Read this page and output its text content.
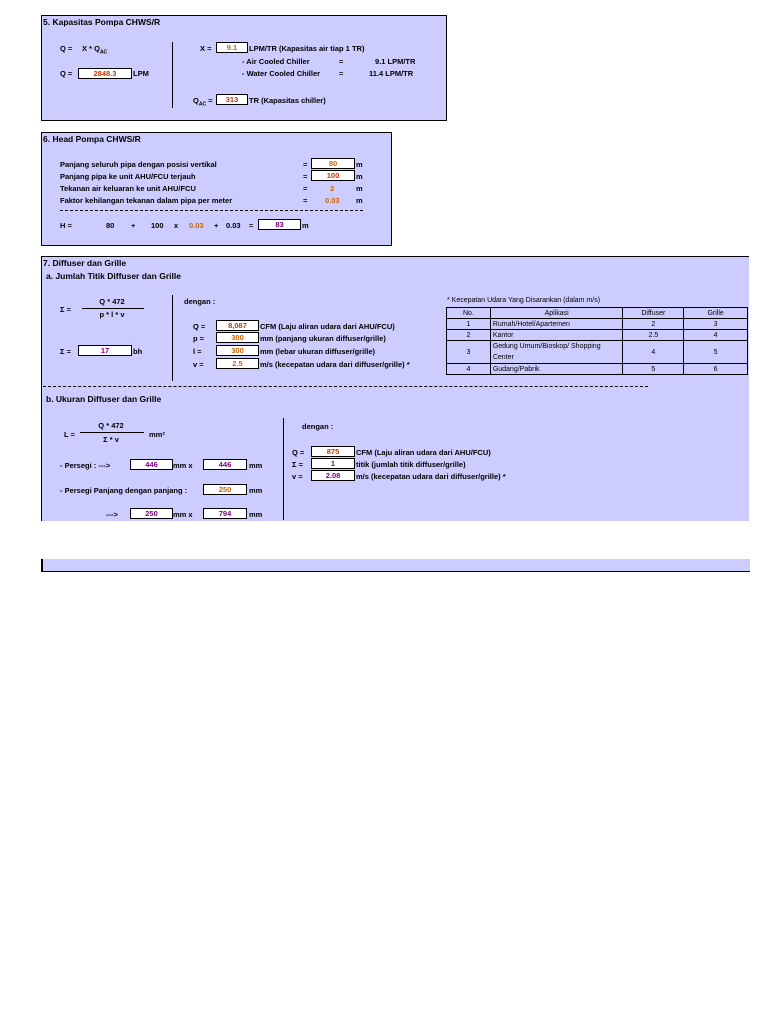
5. Kapasitas Pompa CHWS/R
$Q = X * Q_{AC}$
Q =	2848.3	LPM
X =	9.1	LPM/TR (Kapasitas air tiap 1 TR)
- Air Cooled Chiller	=	9.1 LPM/TR
- Water Cooled Chiller	=	11.4 LPM/TR
$Q_{AC}$ =	313	TR (Kapasitas chiller)
6. Head Pompa CHWS/R
Panjang seluruh pipa dengan posisi vertikal	=	80	m
Panjang pipa ke unit AHU/FCU terjauh	=	100	m
Tekanan air keluaran ke unit AHU/FCU	=	2	m
Faktor kehilangan tekanan dalam pipa per meter	= 0.03 m
H =	80 + 100 x 0.03 + 0.03 =	83	m
7. Diffuser dan Grille
a. Jumlah Titik Diffuser dan Grille
Σ =
Q * 472
p * l * v
Σ =	17	bh
dengan :
Q =	8,087	CFM (Laju aliran udara dari AHU/FCU)
p =	300	mm (panjang ukuran diffuser/grille)
l =	300	mm (lebar ukuran diffuser/grille)
v =	2.5	m/s (kecepatan udara dari diffuser/grille) *
* Kecepatan Udara Yang Disarankan (dalam m/s)
No.	Aplikasi	Diffuser	Grille
1	Rumah/Hotel/Apartemen	2	3
2	Kantor	2.5	4
3	Gedung Umum/Bioskop/ Shopping Center	4	5
4	Gudang/Pabrik	5	6
b. Ukuran Diffuser dan Grille
L =
Q * 472
Σ * v
mm²
- Persegi : --->	446	mm x	446	mm
- Persegi Panjang dengan panjang :	250	mm
--->	250	mm x	794	mm
dengan :
Q =	875	CFM (Laju aliran udara dari AHU/FCU)
Σ =	1	titik (jumlah titik diffuser/grille)
v =	2.08	m/s (kecepatan udara dari diffuser/grille) *
